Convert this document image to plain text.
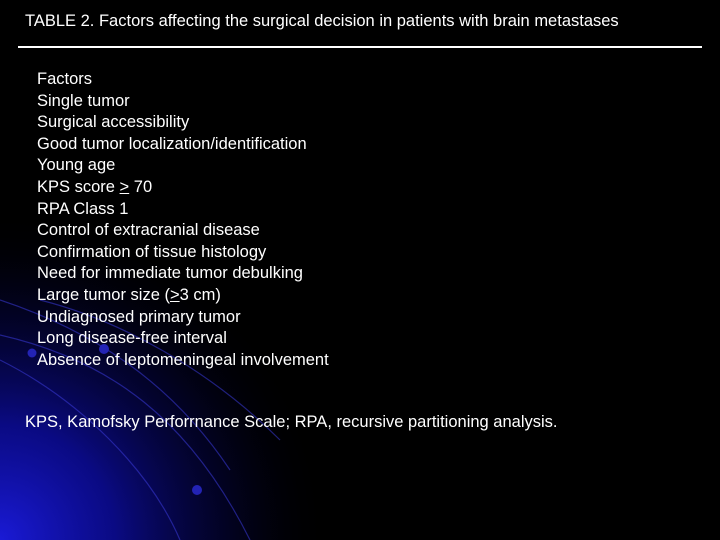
TABLE 2. Factors affecting the surgical decision in patients with brain metastases
Factors
Single tumor
Surgical accessibility
Good tumor localization/identification
Young age
KPS score ≥ 70
RPA Class 1
Control of extracranial disease
Confirmation of tissue histology
Need for immediate tumor debulking
Large tumor size (≥3 cm)
Undiagnosed primary tumor
Long disease-free interval
Absence of leptomeningeal involvement
KPS, Kamofsky Perforrnance Scale; RPA, recursive partitioning analysis.
